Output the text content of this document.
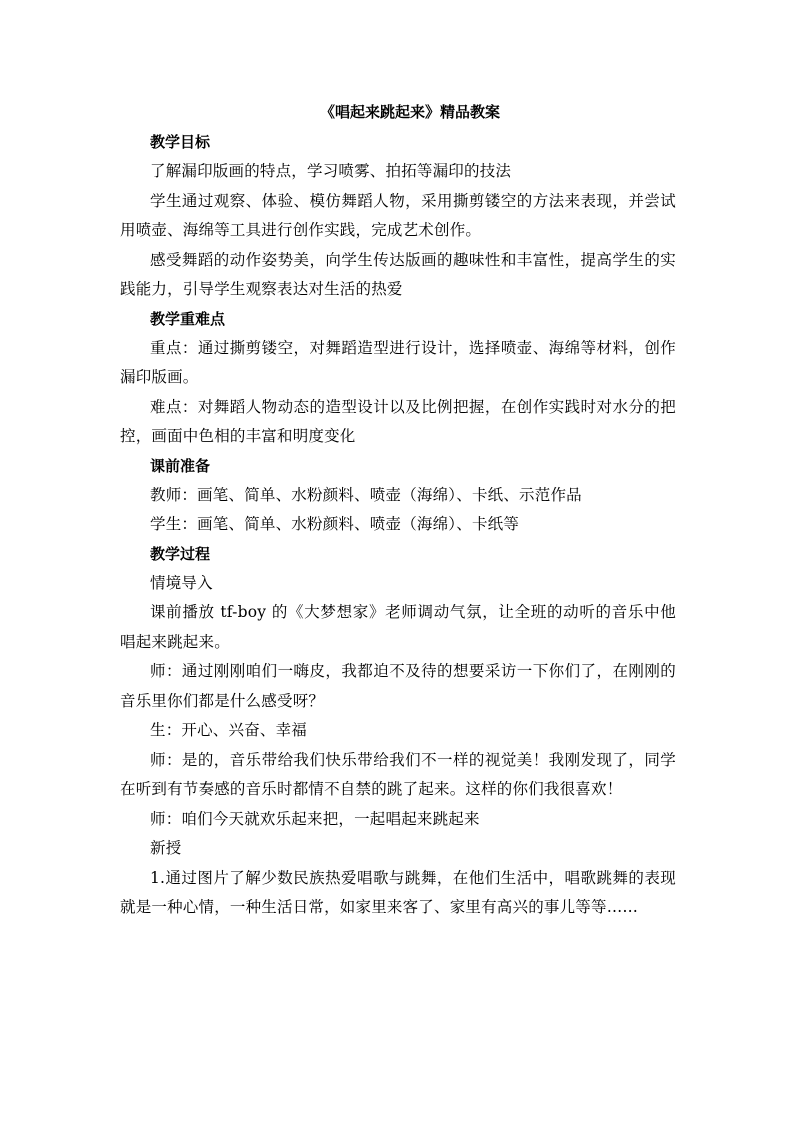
《唱起来跳起来》精品教案
教学目标

了解漏印版画的特点，学习喷雾、拍拓等漏印的技法

学生通过观察、体验、模仿舞蹈人物，采用撕剪镂空的方法来表现，并尝试用喷壶、海绵等工具进行创作实践，完成艺术创作。

感受舞蹈的动作姿势美，向学生传达版画的趣味性和丰富性，提高学生的实践能力，引导学生观察表达对生活的热爱

教学重难点

重点：通过撕剪镂空，对舞蹈造型进行设计，选择喷壶、海绵等材料，创作漏印版画。

难点：对舞蹈人物动态的造型设计以及比例把握，在创作实践时对水分的把控，画面中色相的丰富和明度变化

课前准备

教师：画笔、简单、水粉颜料、喷壶（海绵）、卡纸、示范作品

学生：画笔、简单、水粉颜料、喷壶（海绵）、卡纸等

教学过程

情境导入

课前播放 tf-boy 的《大梦想家》老师调动气氛，让全班的动听的音乐中他唱起来跳起来。

师：通过刚刚咱们一嗨皮，我都迫不及待的想要采访一下你们了，在刚刚的音乐里你们都是什么感受呀？

生：开心、兴奋、幸福

师：是的，音乐带给我们快乐带给我们不一样的视觉美！我刚发现了，同学在听到有节奏感的音乐时都情不自禁的跳了起来。这样的你们我很喜欢！

师：咱们今天就欢乐起来把，一起唱起来跳起来

新授

1.通过图片了解少数民族热爱唱歌与跳舞，在他们生活中，唱歌跳舞的表现就是一种心情，一种生活日常，如家里来客了、家里有高兴的事儿等等……
